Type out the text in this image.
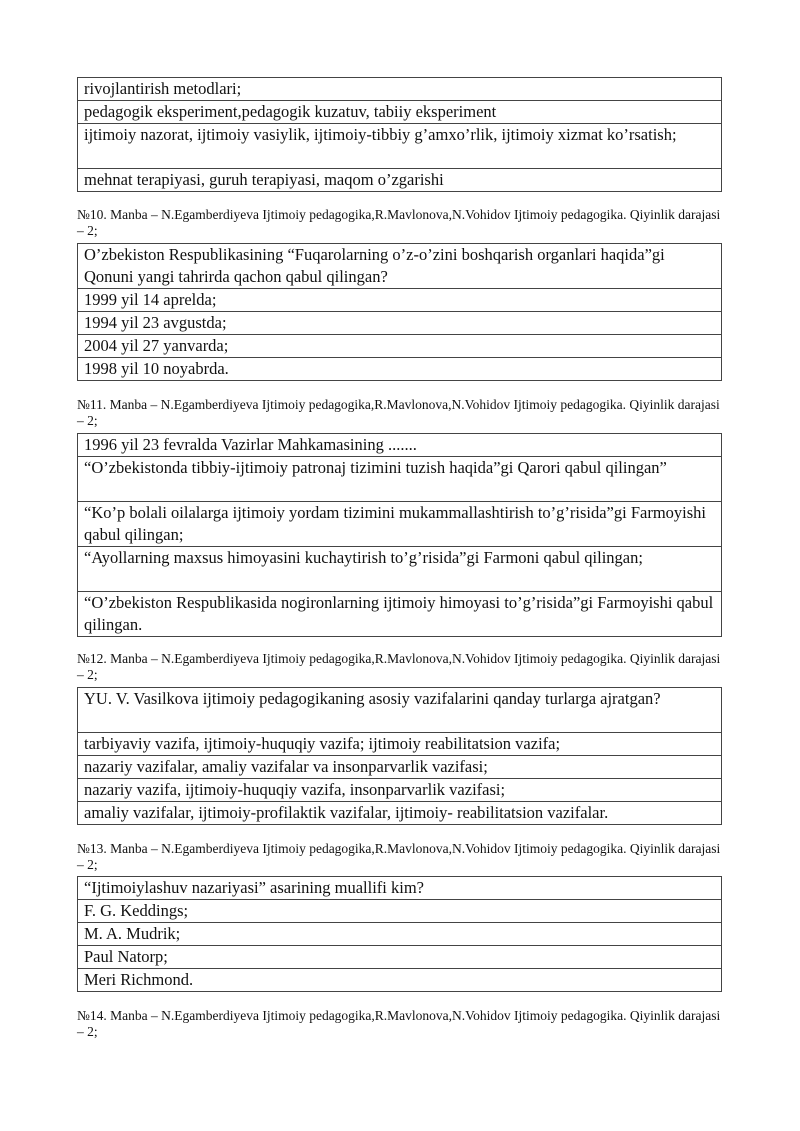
rivojlantirish metodlari;
pedagogik eksperiment,pedagogik kuzatuv, tabiiy eksperiment
ijtimoiy nazorat, ijtimoiy vasiylik, ijtimoiy-tibbiy g’amxo’rlik, ijtimoiy xizmat ko’rsatish;
mehnat terapiyasi, guruh terapiyasi, maqom o’zgarishi
№10. Manba – N.Egamberdiyeva Ijtimoiy pedagogika,R.Mavlonova,N.Vohidov Ijtimoiy pedagogika. Qiyinlik darajasi – 2;
O’zbekiston Respublikasining “Fuqarolarning o’z-o’zini boshqarish organlari haqida”gi Qonuni yangi tahrirda qachon qabul qilingan?
1999 yil 14 aprelda;
1994 yil 23 avgustda;
2004 yil 27 yanvarda;
1998 yil 10 noyabrda.
№11. Manba – N.Egamberdiyeva Ijtimoiy pedagogika,R.Mavlonova,N.Vohidov Ijtimoiy pedagogika. Qiyinlik darajasi – 2;
1996 yil 23 fevralda Vazirlar Mahkamasining .......
“O’zbekistonda tibbiy-ijtimoiy patronaj tizimini tuzish haqida”gi Qarori qabul qilingan”
“Ko’p bolali oilalarga ijtimoiy yordam tizimini mukammallashtirish to’g’risida”gi Farmoyishi qabul qilingan;
“Ayollarning maxsus himoyasini kuchaytirish to’g’risida”gi Farmoni qabul qilingan;
“O’zbekiston Respublikasida nogironlarning ijtimoiy himoyasi to’g’risida”gi Farmoyishi qabul qilingan.
№12. Manba – N.Egamberdiyeva Ijtimoiy pedagogika,R.Mavlonova,N.Vohidov Ijtimoiy pedagogika. Qiyinlik darajasi – 2;
YU. V. Vasilkova ijtimoiy pedagogikaning asosiy vazifalarini qanday turlarga ajratgan?
tarbiyaviy vazifa, ijtimoiy-huquqiy vazifa; ijtimoiy reabilitatsion vazifa;
nazariy vazifalar, amaliy vazifalar va insonparvarlik vazifasi;
nazariy vazifa, ijtimoiy-huquqiy vazifa, insonparvarlik vazifasi;
amaliy vazifalar, ijtimoiy-profilaktik vazifalar, ijtimoiy- reabilitatsion vazifalar.
№13. Manba – N.Egamberdiyeva Ijtimoiy pedagogika,R.Mavlonova,N.Vohidov Ijtimoiy pedagogika. Qiyinlik darajasi – 2;
“Ijtimoiylashuv nazariyasi” asarining muallifi kim?
F. G. Keddings;
M. A. Mudrik;
Paul Natorp;
Meri Richmond.
№14. Manba – N.Egamberdiyeva Ijtimoiy pedagogika,R.Mavlonova,N.Vohidov Ijtimoiy pedagogika. Qiyinlik darajasi – 2;
